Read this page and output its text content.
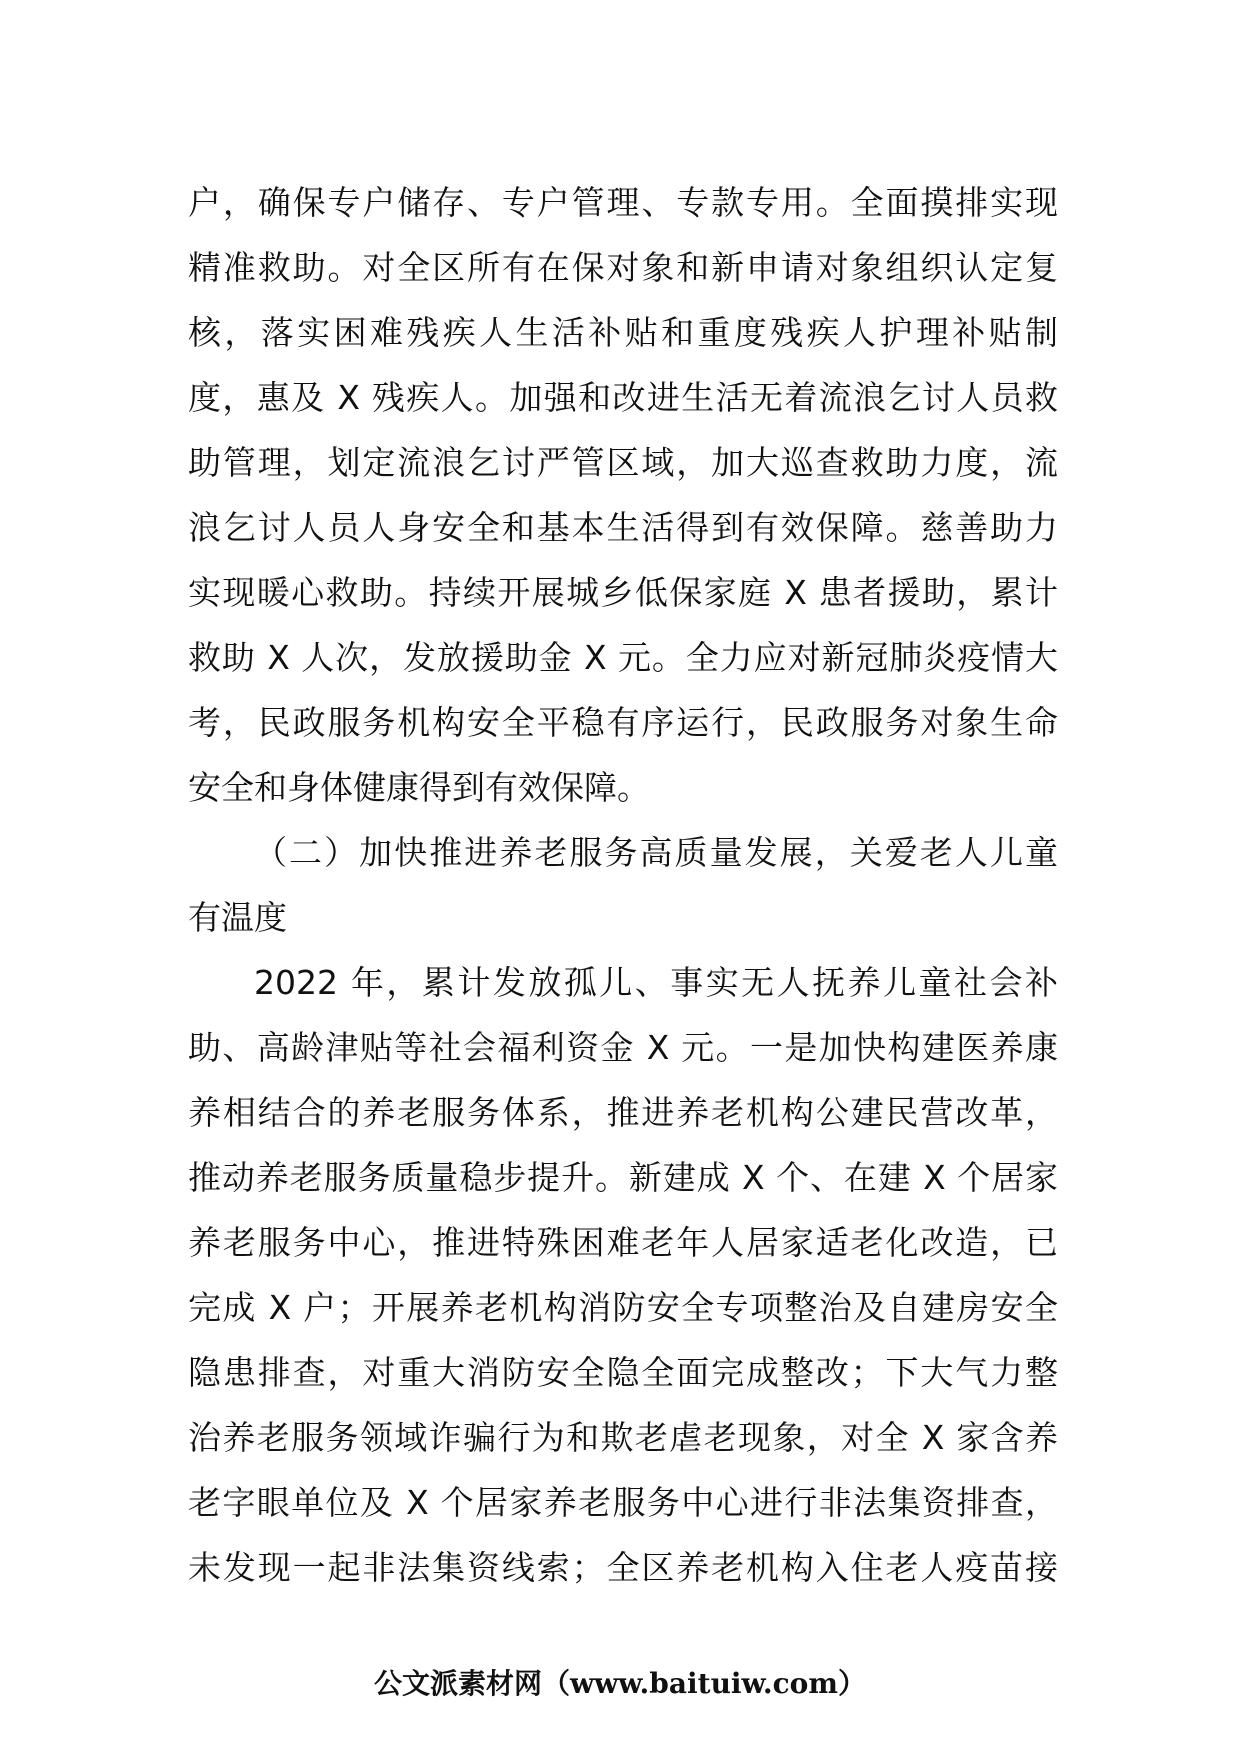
户，确保专户储存、专户管理、专款专用。全面摸排实现
精准救助。对全区所有在保对象和新申请对象组织认定复
核，落实困难残疾人生活补贴和重度残疾人护理补贴制
度，惠及 X 残疾人。加强和改进生活无着流浪乞讨人员救
助管理，划定流浪乞讨严管区域，加大巡查救助力度，流
浪乞讨人员人身安全和基本生活得到有效保障。慈善助力
实现暖心救助。持续开展城乡低保家庭 X 患者援助，累计
救助 X 人次，发放援助金 X 元。全力应对新冠肺炎疫情大
考，民政服务机构安全平稳有序运行，民政服务对象生命
安全和身体健康得到有效保障。
（二）加快推进养老服务高质量发展，关爱老人儿童
有温度
2022 年，累计发放孤儿、事实无人抚养儿童社会补
助、高龄津贴等社会福利资金 X 元。一是加快构建医养康
养相结合的养老服务体系，推进养老机构公建民营改革，
推动养老服务质量稳步提升。新建成 X 个、在建 X 个居家
养老服务中心，推进特殊困难老年人居家适老化改造，已
完成 X 户；开展养老机构消防安全专项整治及自建房安全
隐患排查，对重大消防安全隐全面完成整改；下大气力整
治养老服务领域诈骗行为和欺老虐老现象，对全 X 家含养
老字眼单位及 X 个居家养老服务中心进行非法集资排查，
未发现一起非法集资线索；全区养老机构入住老人疫苗接
公文派素材网（www.baituiw.com）
